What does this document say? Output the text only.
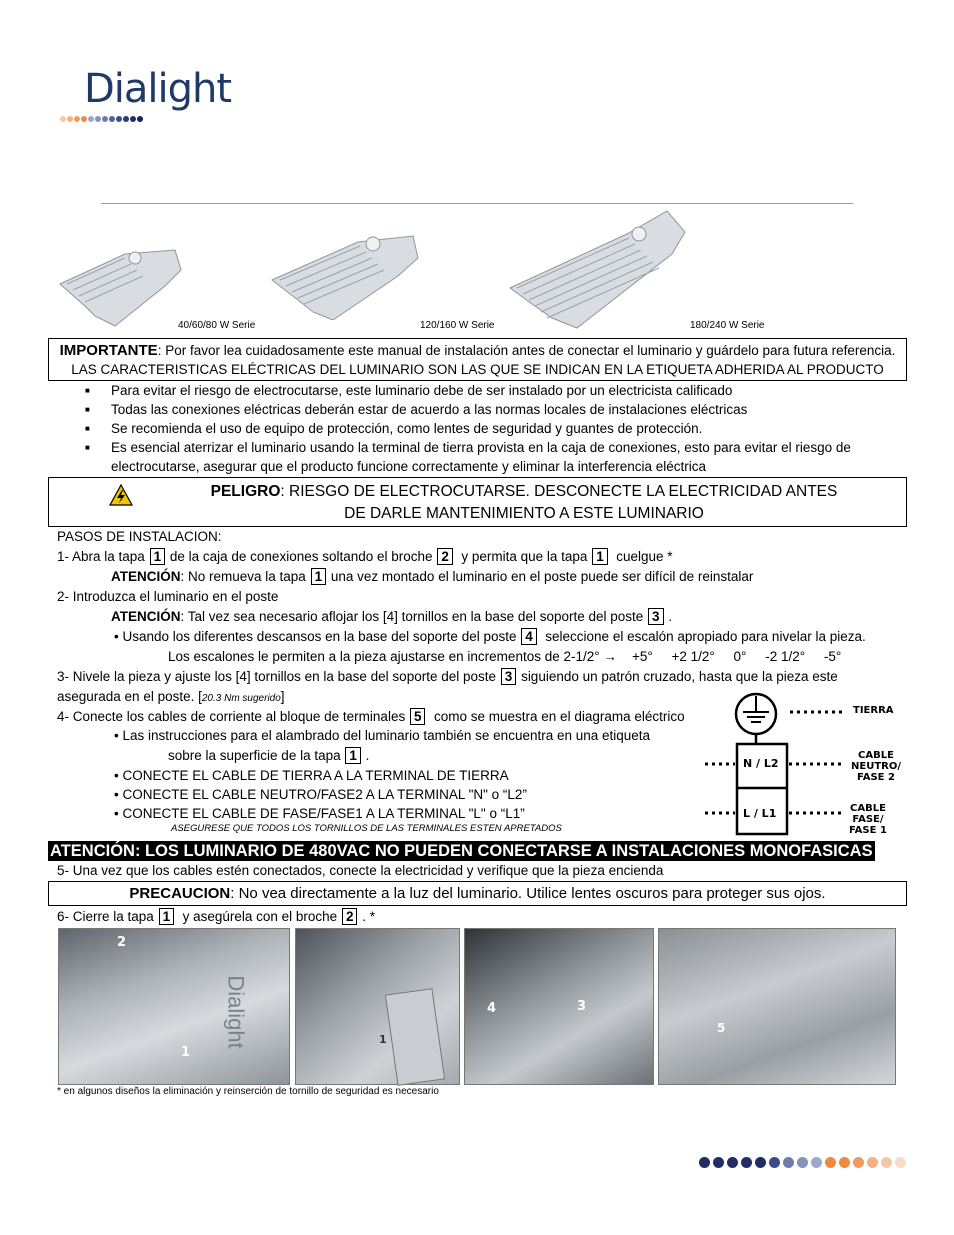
Dialight
40/60/80 W Serie	120/160 W Serie	180/240 W Serie
IMPORTANTE: Por favor lea cuidadosamente este manual de instalación antes de conectar el luminario y guárdelo para futura referencia. LAS CARACTERISTICAS ELÉCTRICAS DEL LUMINARIO SON LAS QUE SE INDICAN EN LA ETIQUETA ADHERIDA AL PRODUCTO
■ Para evitar el riesgo de electrocutarse, este luminario debe de ser instalado por un electricista calificado
■ Todas las conexiones eléctricas deberán estar de acuerdo a las normas locales de instalaciones eléctricas
■ Se recomienda el uso de equipo de protección, como lentes de seguridad y guantes de protección.
■ Es esencial aterrizar el luminario usando la terminal de tierra provista en la caja de conexiones, esto para evitar el riesgo de electrocutarse, asegurar que el producto funcione correctamente y eliminar la interferencia eléctrica
PELIGRO: RIESGO DE ELECTROCUTARSE. DESCONECTE LA ELECTRICIDAD ANTES DE DARLE MANTENIMIENTO A ESTE LUMINARIO
PASOS DE INSTALACION:
1- Abra la tapa 1 de la caja de conexiones soltando el broche 2 y permita que la tapa 1 cuelgue *
ATENCIÓN: No remueva la tapa 1 una vez montado el luminario en el poste puede ser difícil de reinstalar
2- Introduzca el luminario en el poste
ATENCIÓN: Tal vez sea necesario aflojar los [4] tornillos en la base del soporte del poste 3 .
• Usando los diferentes descansos en la base del soporte del poste 4 seleccione el escalón apropiado para nivelar la pieza.
Los escalones le permiten a la pieza ajustarse en incrementos de 2-1/2° → +5°     +2 1/2°     0°     -2 1/2°     -5°
3- Nivele la pieza y ajuste los [4] tornillos en la base del soporte del poste 3 siguiendo un patrón cruzado, hasta que la pieza este
asegurada en el poste. [20.3 Nm sugerido]
4- Conecte los cables de corriente al bloque de terminales 5 como se muestra en el diagrama eléctrico
• Las instrucciones para el alambrado del luminario también se encuentra en una etiqueta
sobre la superficie de la tapa 1 .
• CONECTE EL CABLE DE TIERRA A LA TERMINAL DE TIERRA
• CONECTE EL CABLE NEUTRO/FASE2 A LA TERMINAL "N" o “L2”
• CONECTE EL CABLE DE FASE/FASE1 A LA TERMINAL "L" o “L1”
ASEGURESE QUE TODOS LOS TORNILLOS DE LAS TERMINALES ESTEN APRETADOS
TIERRA
N / L2
L / L1
CABLE
NEUTRO/
FASE 2
CABLE
FASE/
FASE 1
ATENCIÓN: LOS LUMINARIO DE 480VAC NO PUEDEN CONECTARSE A INSTALACIONES MONOFASICAS
5- Una vez que los cables estén conectados, conecte la electricidad y verifique que la pieza encienda
PRECAUCION: No vea directamente a la luz del luminario. Utilice lentes oscuros para proteger sus ojos.
6- Cierre la tapa 1 y asegúrela con el broche 2 . *
2
1
Dialight	1
4	3
5
* en algunos diseños la eliminación y reinserción de tornillo de seguridad es necesario
